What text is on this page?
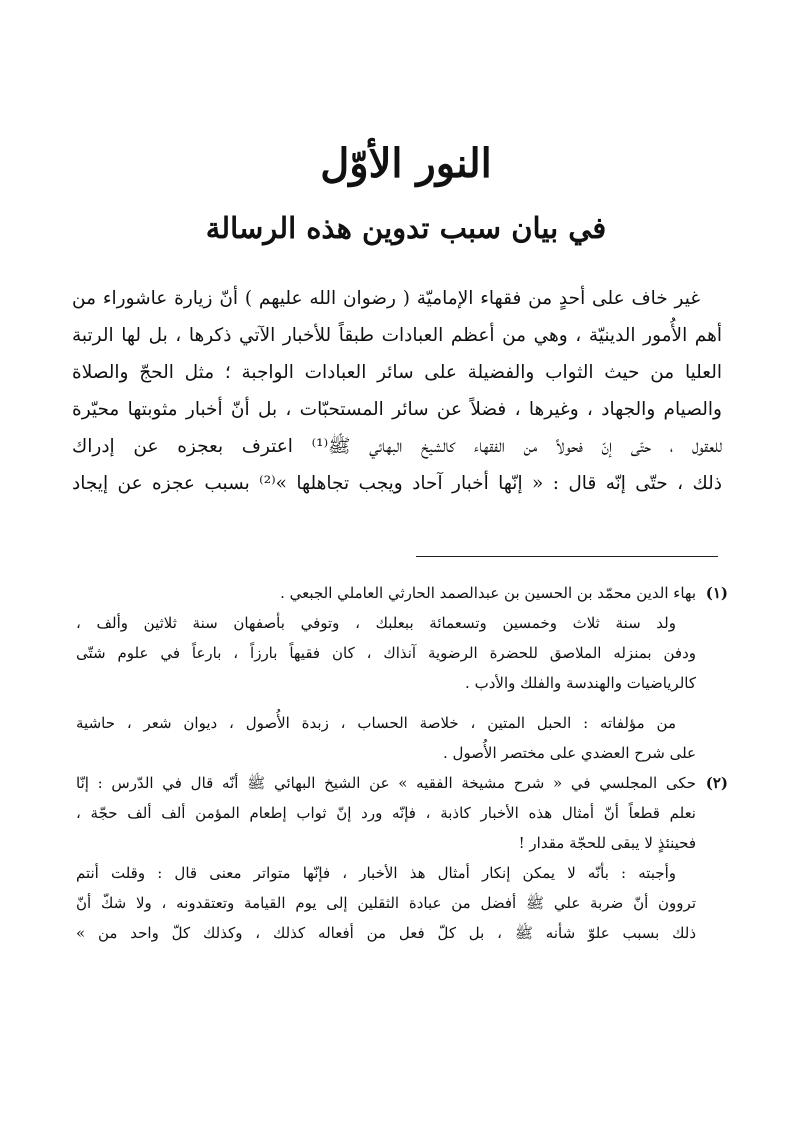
النور الأوّل
في بيان سبب تدوين هذه الرسالة
غير خاف على أحدٍ من فقهاء الإماميّة ( رضوان الله عليهم ) أنّ زيارة عاشوراء من
أهم الأُمور الدينيّة ، وهي من أعظم العبادات طبقاً للأخبار الآتي ذكرها ، بل لها الرتبة
العليا من حيث الثواب والفضيلة على سائر العبادات الواجبة ؛ مثل الحجّ والصلاة
والصيام والجهاد ، وغيرها ، فضلاً عن سائر المستحبّات ، بل أنّ أخبار مثوبتها محيّرة
للعقول ، حتّى إنّ فحولاً من الفقهاء كالشيخ البهائي ﷺ⁽¹⁾ اعترف بعجزه عن إدراك
ذلك ، حتّى إنّه قال : « إنّها أخبار آحاد ويجب تجاهلها »⁽²⁾ بسبب عجزه عن إيجاد
(١)بهاء الدين محمّد بن الحسين بن عبدالصمد الحارثي العاملي الجبعي .
ولد سنة ثلاث وخمسين وتسعمائة ببعلبك ، وتوفي بأصفهان سنة ثلاثين وألف ،
ودفن بمنزله الملاصق للحضرة الرضوية آنذاك ، كان فقيهاً بارزاً ، بارعاً في علوم شتّى
كالرياضيات والهندسة والفلك والأدب .
من مؤلفاته : الحبل المتين ، خلاصة الحساب ، زبدة الأُصول ، ديوان شعر ، حاشية
على شرح العضدي على مختصر الأُصول .
(٢)حكى المجلسي في « شرح مشيخة الفقيه » عن الشيخ البهائي ﷺ أنّه قال في الدّرس : إنّا
نعلم قطعاً أنّ أمثال هذه الأخبار كاذبة ، فإنّه ورد إنّ ثواب إطعام المؤمن ألف ألف حجّة ،
فحينئذٍ لا يبقى للحجّة مقدار !
وأجبته : بأنّه لا يمكن إنكار أمثال هذ الأخبار ، فإنّها متواتر معنى قال : وقلت أنتم
تروون أنّ ضربة علي ﷺ أفضل من عبادة الثقلين إلى يوم القيامة وتعتقدونه ، ولا شكّ أنّ
ذلك بسبب علوّ شأنه ﷺ ، بل كلّ فعل من أفعاله كذلك ، وكذلك كلّ واحد من »
